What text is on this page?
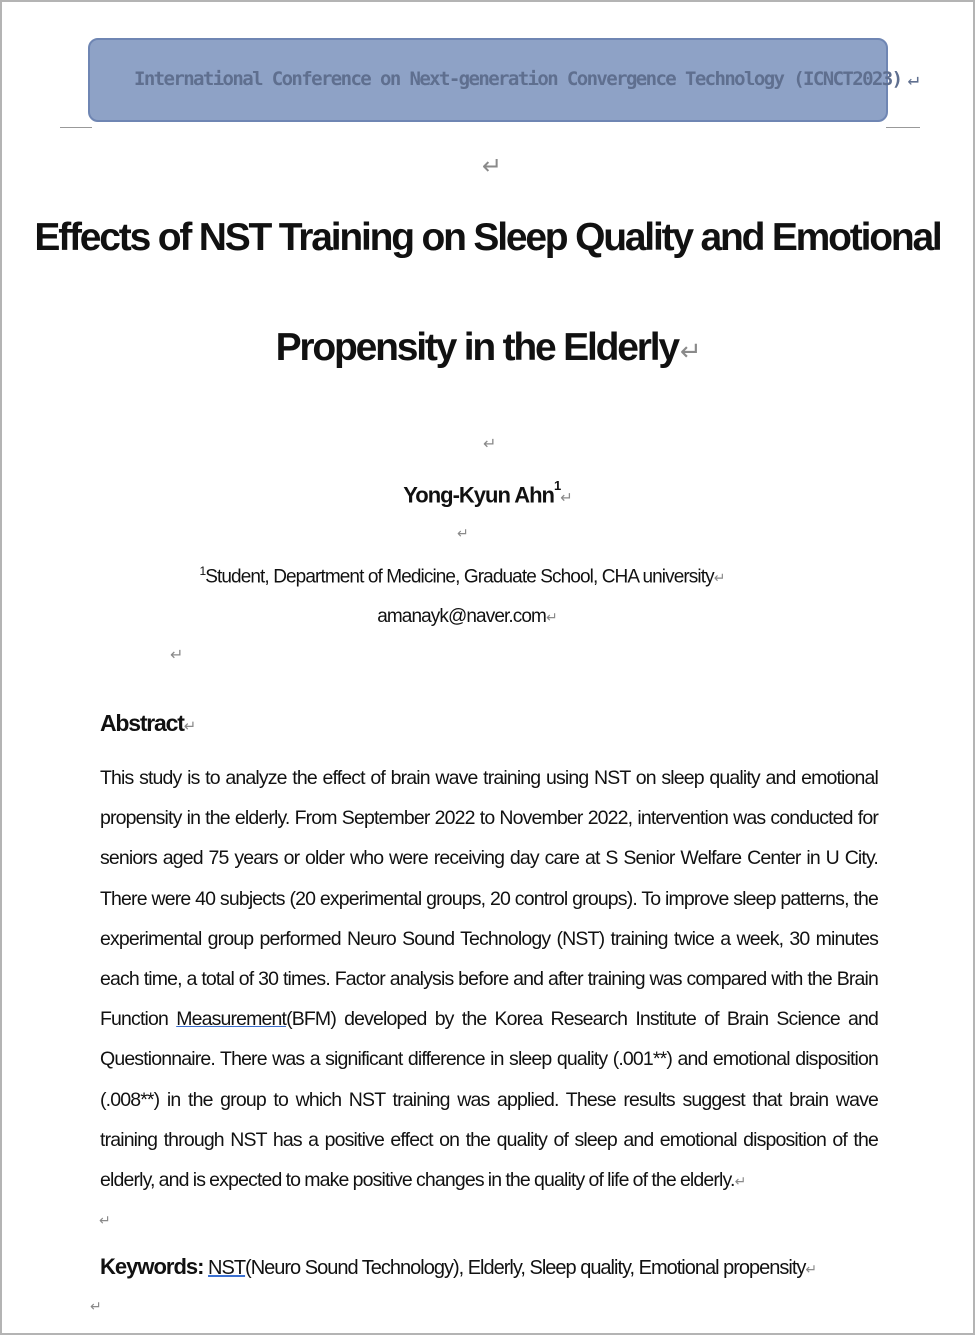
International Conference on Next-generation Convergence Technology (ICNCT2023) ↵
↵
Effects of NST Training on Sleep Quality and Emotional
Propensity in the Elderly↵
↵
Yong-Kyun Ahn$^1$↵
↵
$^1$Student, Department of Medicine, Graduate School, CHA university↵
amanayk@naver.com↵
↵
Abstract↵
This study is to analyze the effect of brain wave training using NST on sleep quality and emotional propensity in the elderly. From September 2022 to November 2022, intervention was conducted for seniors aged 75 years or older who were receiving day care at S Senior Welfare Center in U City. There were 40 subjects (20 experimental groups, 20 control groups). To improve sleep patterns, the experimental group performed Neuro Sound Technology (NST) training twice a week, 30 minutes each time, a total of 30 times. Factor analysis before and after training was compared with the Brain Function Measurement(BFM) developed by the Korea Research Institute of Brain Science and Questionnaire. There was a significant difference in sleep quality (.001**) and emotional disposition (.008**) in the group to which NST training was applied. These results suggest that brain wave training through NST has a positive effect on the quality of sleep and emotional disposition of the elderly, and is expected to make positive changes in the quality of life of the elderly.↵
↵
Keywords: NST(Neuro Sound Technology), Elderly, Sleep quality, Emotional propensity↵
↵
